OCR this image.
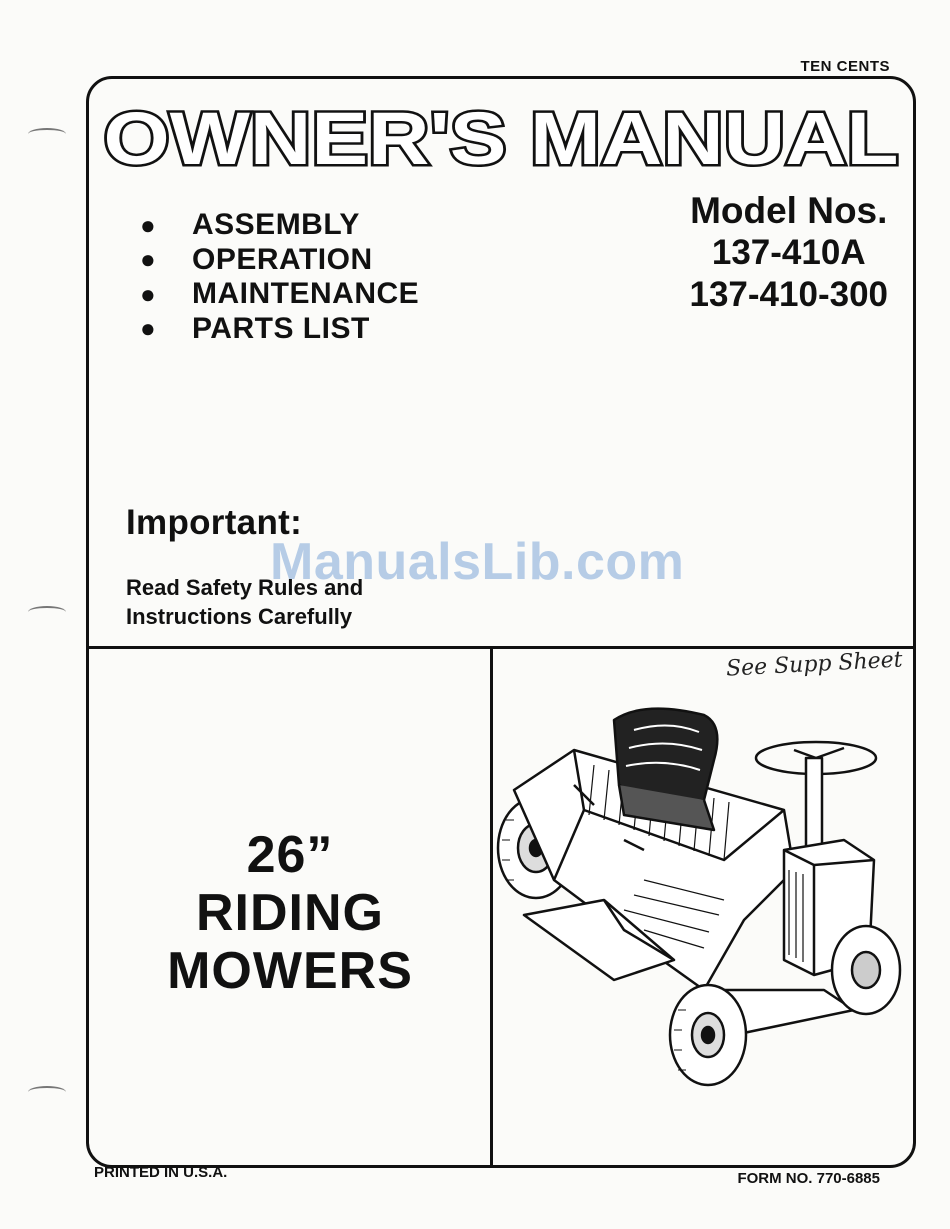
TEN CENTS
OWNER'S MANUAL
●	ASSEMBLY
●	OPERATION
●	MAINTENANCE
●	PARTS LIST
Model Nos.
137-410A
137-410-300
Important:
Read Safety Rules and
Instructions Carefully
ManualsLib.com
26”
RIDING
MOWERS
See Supp Sheet
PRINTED IN U.S.A.	FORM NO. 770-6885
